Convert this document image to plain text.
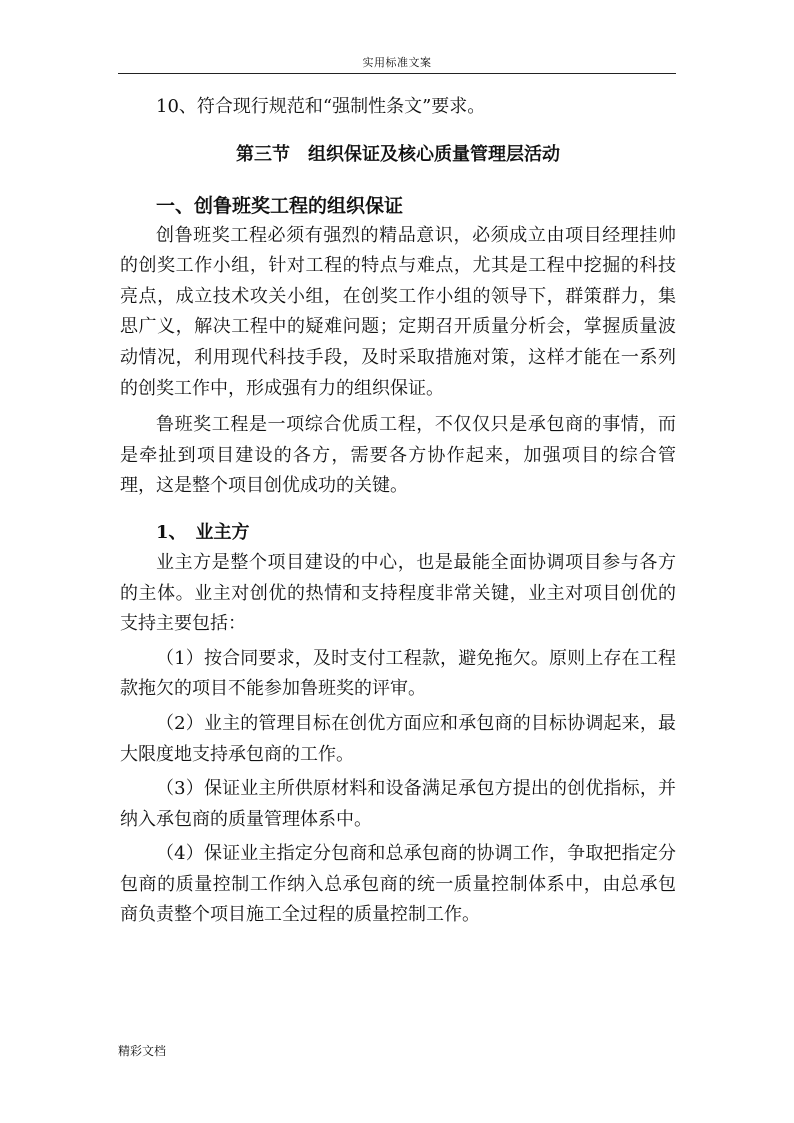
实用标准文案

10、符合现行规范和“强制性条文”要求。

第三节　组织保证及核心质量管理层活动

一、创鲁班奖工程的组织保证

创鲁班奖工程必须有强烈的精品意识，必须成立由项目经理挂帅的创奖工作小组，针对工程的特点与难点，尤其是工程中挖掘的科技亮点，成立技术攻关小组，在创奖工作小组的领导下，群策群力，集思广义，解决工程中的疑难问题；定期召开质量分析会，掌握质量波动情况，利用现代科技手段，及时采取措施对策，这样才能在一系列的创奖工作中，形成强有力的组织保证。

鲁班奖工程是一项综合优质工程，不仅仅只是承包商的事情，而是牵扯到项目建设的各方，需要各方协作起来，加强项目的综合管理，这是整个项目创优成功的关键。

1、　业主方

业主方是整个项目建设的中心，也是最能全面协调项目参与各方的主体。业主对创优的热情和支持程度非常关键，业主对项目创优的支持主要包括：

（1）按合同要求，及时支付工程款，避免拖欠。原则上存在工程款拖欠的项目不能参加鲁班奖的评审。

（2）业主的管理目标在创优方面应和承包商的目标协调起来，最大限度地支持承包商的工作。

（3）保证业主所供原材料和设备满足承包方提出的创优指标，并纳入承包商的质量管理体系中。

（4）保证业主指定分包商和总承包商的协调工作，争取把指定分包商的质量控制工作纳入总承包商的统一质量控制体系中，由总承包商负责整个项目施工全过程的质量控制工作。

精彩文档
